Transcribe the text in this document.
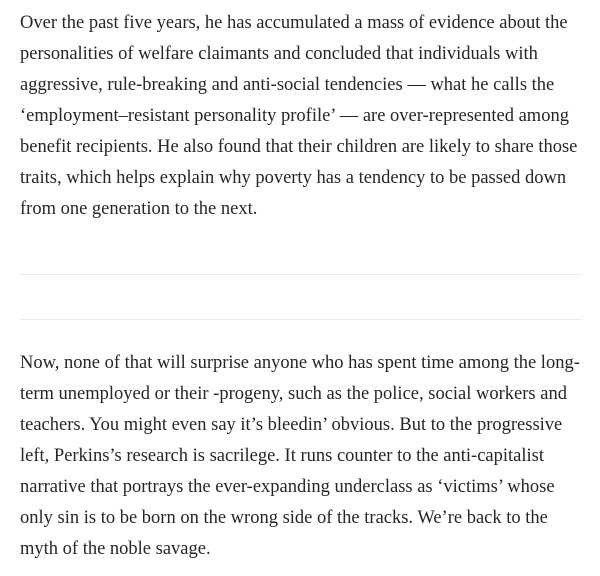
Over the past five years, he has accumulated a mass of evidence about the personalities of welfare claimants and concluded that individuals with aggressive, rule-breaking and anti-social tendencies — what he calls the ‘employment–resistant personality profile’ — are over-represented among benefit recipients. He also found that their children are likely to share those traits, which helps explain why poverty has a tendency to be passed down from one generation to the next.

Now, none of that will surprise anyone who has spent time among the long-term unemployed or their -progeny, such as the police, social workers and teachers. You might even say it’s bleedin’ obvious. But to the progressive left, Perkins’s research is sacrilege. It runs counter to the anti-capitalist narrative that portrays the ever-expanding underclass as ‘victims’ whose only sin is to be born on the wrong side of the tracks. We’re back to the myth of the noble savage.
